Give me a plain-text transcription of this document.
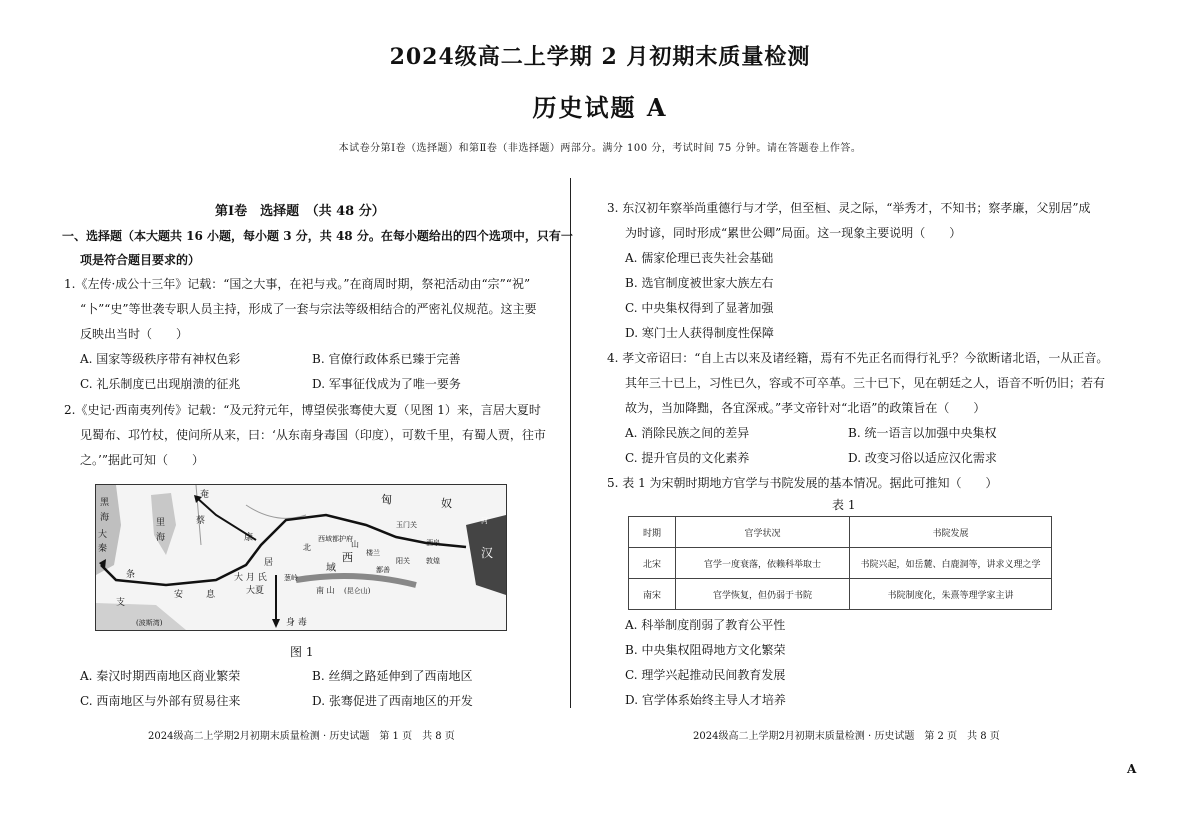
2024级高二上学期 2 月初期末质量检测
历史试题 A
本试卷分第Ⅰ卷（选择题）和第Ⅱ卷（非选择题）两部分。满分 100 分，考试时间 75 分钟。请在答题卷上作答。
第Ⅰ卷　选择题　（共 48 分）
一、选择题（本大题共 16 小题，每小题 3 分，共 48 分。在每小题给出的四个选项中，只有一
项是符合题目要求的）
1.《左传·成公十三年》记载：“国之大事，在祀与戎。”在商周时期，祭祀活动由“宗”“祝”
“卜”“史”等世袭专职人员主持，形成了一套与宗法等级相结合的严密礼仪规范。这主要
反映出当时（　　）
A. 国家等级秩序带有神权色彩	B. 官僚行政体系已臻于完善
C. 礼乐制度已出现崩溃的征兆	D. 军事征伐成为了唯一要务
2.《史记·西南夷列传》记载：“及元狩元年，博望侯张骞使大夏（见图 1）来，言居大夏时
见蜀布、邛竹杖，使问所从来，曰：‘从东南身毒国（印度），可数千里，有蜀人贾，往市
之。’”据此可知（　　）
奄
蔡
康
居
匈	奴
黑
海	里
海
大
秦
条
支
安	息
大 月 氏 葱岭
大夏
西域都护府
北	山
西
域
玉门关
酒泉
阳关 敦煌
楼兰
鄯善
南 山 (昆仑山)
汉
身 毒
(波斯湾)
河
图 1
A. 秦汉时期西南地区商业繁荣	B. 丝绸之路延伸到了西南地区
C. 西南地区与外部有贸易往来	D. 张骞促进了西南地区的开发
2024级高二上学期2月初期末质量检测 · 历史试题　第 1 页　共 8 页
3. 东汉初年察举尚重德行与才学，但至桓、灵之际，“举秀才，不知书；察孝廉，父别居”成
为时谚，同时形成“累世公卿”局面。这一现象主要说明（　　）
A. 儒家伦理已丧失社会基础
B. 选官制度被世家大族左右
C. 中央集权得到了显著加强
D. 寒门士人获得制度性保障
4. 孝文帝诏曰：“自上古以来及诸经籍，焉有不先正名而得行礼乎？今欲断诸北语，一从正音。
其年三十已上，习性已久，容或不可卒革。三十已下，见在朝廷之人，语音不听仍旧；若有
故为，当加降黜，各宜深戒。”孝文帝针对“北语”的政策旨在（　　）
A. 消除民族之间的差异	B. 统一语言以加强中央集权
C. 提升官员的文化素养	D. 改变习俗以适应汉化需求
5. 表 1 为宋朝时期地方官学与书院发展的基本情况。据此可推知（　　）
表 1
时期	官学状况	书院发展
北宋	官学一度衰落，依赖科举取士	书院兴起，如岳麓、白鹿洞等，讲求义理之学
南宋	官学恢复，但仍弱于书院	书院制度化，朱熹等理学家主讲
A. 科举制度削弱了教育公平性
B. 中央集权阻碍地方文化繁荣
C. 理学兴起推动民间教育发展
D. 官学体系始终主导人才培养
2024级高二上学期2月初期末质量检测 · 历史试题　第 2 页　共 8 页
A
